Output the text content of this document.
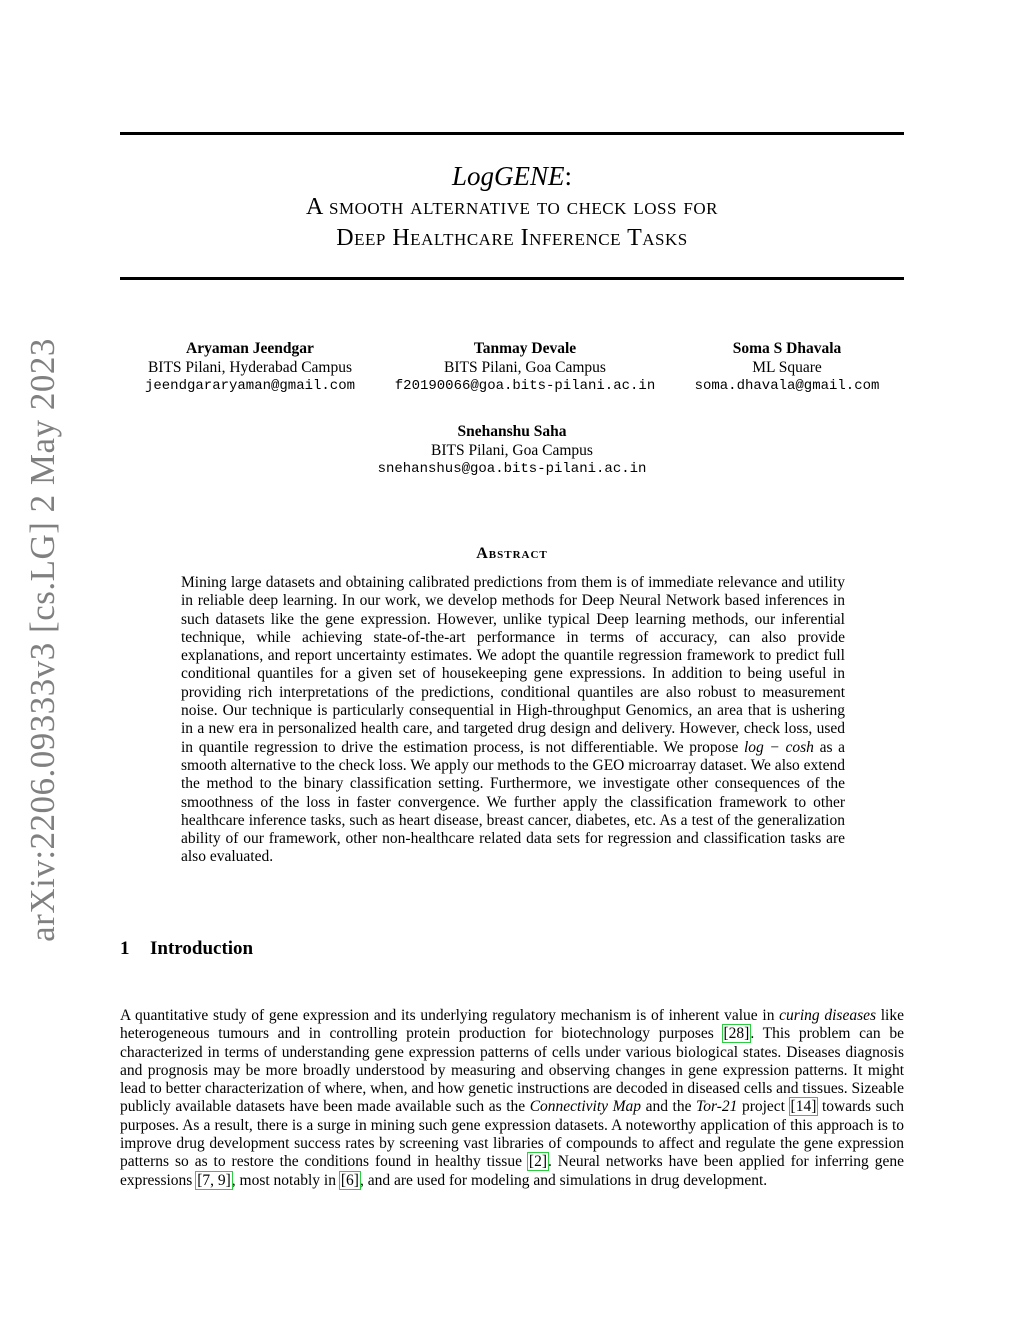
arXiv:2206.09333v3 [cs.LG] 2 May 2023
LogGENE:
A smooth alternative to check loss for
Deep Healthcare Inference Tasks
Aryaman Jeendgar
BITS Pilani, Hyderabad Campus
jeendgararyaman@gmail.com
Tanmay Devale
BITS Pilani, Goa Campus
f20190066@goa.bits-pilani.ac.in
Soma S Dhavala
ML Square
soma.dhavala@gmail.com
Snehanshu Saha
BITS Pilani, Goa Campus
snehanshus@goa.bits-pilani.ac.in
Abstract
Mining large datasets and obtaining calibrated predictions from them is of immediate relevance and utility in reliable deep learning. In our work, we develop methods for Deep Neural Network based inferences in such datasets like the gene expression. However, unlike typical Deep learning methods, our inferential technique, while achieving state-of-the-art performance in terms of accuracy, can also provide explanations, and report uncertainty estimates. We adopt the quantile regression framework to predict full conditional quantiles for a given set of housekeeping gene expressions. In addition to being useful in providing rich interpretations of the predictions, conditional quantiles are also robust to measurement noise. Our technique is particularly consequential in High-throughput Genomics, an area that is ushering in a new era in personalized health care, and targeted drug design and delivery. However, check loss, used in quantile regression to drive the estimation process, is not differentiable. We propose log − cosh as a smooth alternative to the check loss. We apply our methods to the GEO microarray dataset. We also extend the method to the binary classification setting. Furthermore, we investigate other consequences of the smoothness of the loss in faster convergence. We further apply the classification framework to other healthcare inference tasks, such as heart disease, breast cancer, diabetes, etc. As a test of the generalization ability of our framework, other non-healthcare related data sets for regression and classification tasks are also evaluated.
1 Introduction
A quantitative study of gene expression and its underlying regulatory mechanism is of inherent value in curing diseases like heterogeneous tumours and in controlling protein production for biotechnology purposes [28]. This problem can be characterized in terms of understanding gene expression patterns of cells under various biological states. Diseases diagnosis and prognosis may be more broadly understood by measuring and observing changes in gene expression patterns. It might lead to better characterization of where, when, and how genetic instructions are decoded in diseased cells and tissues. Sizeable publicly available datasets have been made available such as the Connectivity Map and the Tor-21 project [14] towards such purposes. As a result, there is a surge in mining such gene expression datasets. A noteworthy application of this approach is to improve drug development success rates by screening vast libraries of compounds to affect and regulate the gene expression patterns so as to restore the conditions found in healthy tissue [2]. Neural networks have been applied for inferring gene expressions [7, 9], most notably in [6], and are used for modeling and simulations in drug development.
